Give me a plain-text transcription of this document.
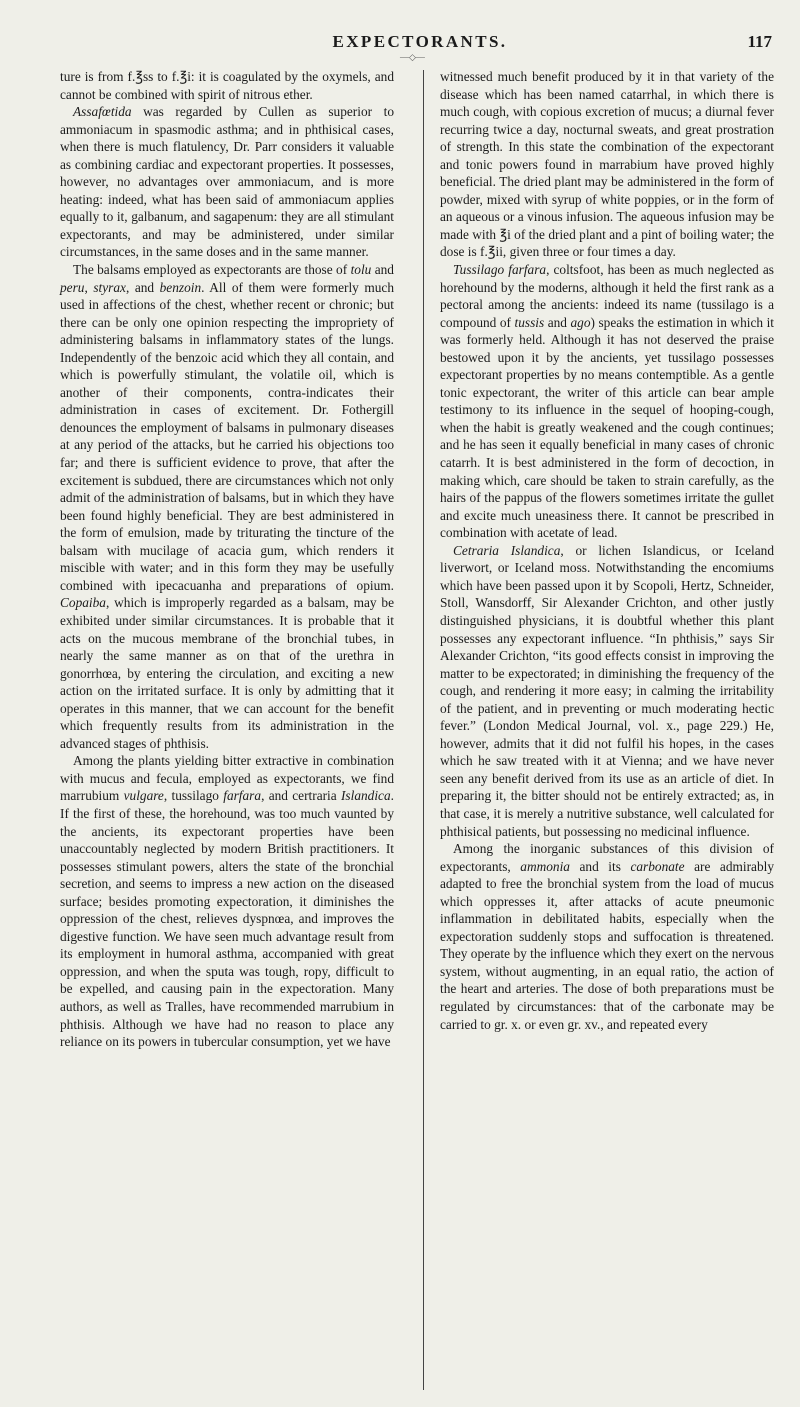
EXPECTORANTS.	117
—◇—

ture is from f.℥ss to f.℥i: it is coagulated by the oxymels, and cannot be combined with spirit of nitrous ether.

Assafœtida was regarded by Cullen as superior to ammoniacum in spasmodic asthma; and in phthisical cases, when there is much flatulency, Dr. Parr considers it valuable as combining cardiac and expectorant properties. It possesses, however, no advantages over ammoniacum, and is more heating: indeed, what has been said of ammoniacum applies equally to it, galbanum, and sagapenum: they are all stimulant expectorants, and may be administered, under similar circumstances, in the same doses and in the same manner.

The balsams employed as expectorants are those of tolu and peru, styrax, and benzoin. All of them were formerly much used in affections of the chest, whether recent or chronic; but there can be only one opinion respecting the impropriety of administering balsams in inflammatory states of the lungs. Independently of the benzoic acid which they all contain, and which is powerfully stimulant, the volatile oil, which is another of their components, contra-indicates their administration in cases of excitement. Dr. Fothergill denounces the employment of balsams in pulmonary diseases at any period of the attacks, but he carried his objections too far; and there is sufficient evidence to prove, that after the excitement is subdued, there are circumstances which not only admit of the administration of balsams, but in which they have been found highly beneficial. They are best administered in the form of emulsion, made by triturating the tincture of the balsam with mucilage of acacia gum, which renders it miscible with water; and in this form they may be usefully combined with ipecacuanha and preparations of opium. Copaiba, which is improperly regarded as a balsam, may be exhibited under similar circumstances. It is probable that it acts on the mucous membrane of the bronchial tubes, in nearly the same manner as on that of the urethra in gonorrhœa, by entering the circulation, and exciting a new action on the irritated surface. It is only by admitting that it operates in this manner, that we can account for the benefit which frequently results from its administration in the advanced stages of phthisis.

Among the plants yielding bitter extractive in combination with mucus and fecula, employed as expectorants, we find marrubium vulgare, tussilago farfara, and certraria Islandica. If the first of these, the horehound, was too much vaunted by the ancients, its expectorant properties have been unaccountably neglected by modern British practitioners. It possesses stimulant powers, alters the state of the bronchial secretion, and seems to impress a new action on the diseased surface; besides promoting expectoration, it diminishes the oppression of the chest, relieves dyspnœa, and improves the digestive function. We have seen much advantage result from its employment in humoral asthma, accompanied with great oppression, and when the sputa was tough, ropy, difficult to be expelled, and causing pain in the expectoration. Many authors, as well as Tralles, have recommended marrubium in phthisis. Although we have had no reason to place any reliance on its powers in tubercular consumption, yet we have

witnessed much benefit produced by it in that variety of the disease which has been named catarrhal, in which there is much cough, with copious excretion of mucus; a diurnal fever recurring twice a day, nocturnal sweats, and great prostration of strength. In this state the combination of the expectorant and tonic powers found in marrabium have proved highly beneficial. The dried plant may be administered in the form of powder, mixed with syrup of white poppies, or in the form of an aqueous or a vinous infusion. The aqueous infusion may be made with ℥i of the dried plant and a pint of boiling water; the dose is f.℥ii, given three or four times a day.

Tussilago farfara, coltsfoot, has been as much neglected as horehound by the moderns, although it held the first rank as a pectoral among the ancients: indeed its name (tussilago is a compound of tussis and ago) speaks the estimation in which it was formerly held. Although it has not deserved the praise bestowed upon it by the ancients, yet tussilago possesses expectorant properties by no means contemptible. As a gentle tonic expectorant, the writer of this article can bear ample testimony to its influence in the sequel of hooping-cough, when the habit is greatly weakened and the cough continues; and he has seen it equally beneficial in many cases of chronic catarrh. It is best administered in the form of decoction, in making which, care should be taken to strain carefully, as the hairs of the pappus of the flowers sometimes irritate the gullet and excite much uneasiness there. It cannot be prescribed in combination with acetate of lead.

Cetraria Islandica, or lichen Islandicus, or Iceland liverwort, or Iceland moss. Notwithstanding the encomiums which have been passed upon it by Scopoli, Hertz, Schneider, Stoll, Wansdorff, Sir Alexander Crichton, and other justly distinguished physicians, it is doubtful whether this plant possesses any expectorant influence. “In phthisis,” says Sir Alexander Crichton, “its good effects consist in improving the matter to be expectorated; in diminishing the frequency of the cough, and rendering it more easy; in calming the irritability of the patient, and in preventing or much moderating hectic fever.” (London Medical Journal, vol. x., page 229.) He, however, admits that it did not fulfil his hopes, in the cases which he saw treated with it at Vienna; and we have never seen any benefit derived from its use as an article of diet. In preparing it, the bitter should not be entirely extracted; as, in that case, it is merely a nutritive substance, well calculated for phthisical patients, but possessing no medicinal influence.

Among the inorganic substances of this division of expectorants, ammonia and its carbonate are admirably adapted to free the bronchial system from the load of mucus which oppresses it, after attacks of acute pneumonic inflammation in debilitated habits, especially when the expectoration suddenly stops and suffocation is threatened. They operate by the influence which they exert on the nervous system, without augmenting, in an equal ratio, the action of the heart and arteries. The dose of both preparations must be regulated by circumstances: that of the carbonate may be carried to gr. x. or even gr. xv., and repeated every
